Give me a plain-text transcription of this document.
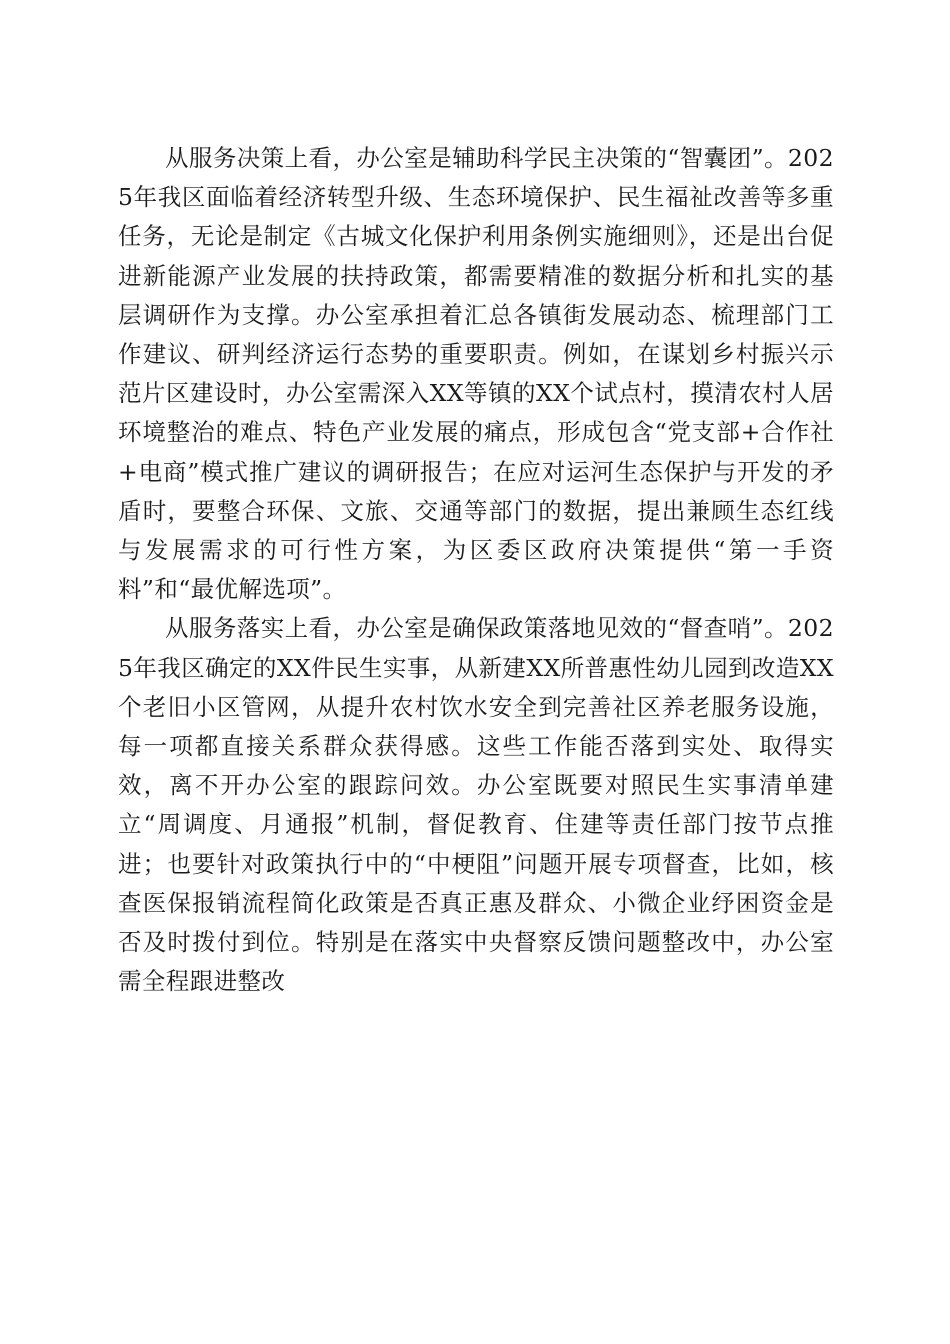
从服务决策上看，办公室是辅助科学民主决策的“智囊团”。2025年我区面临着经济转型升级、生态环境保护、民生福祉改善等多重任务，无论是制定《古城文化保护利用条例实施细则》，还是出台促进新能源产业发展的扶持政策，都需要精准的数据分析和扎实的基层调研作为支撑。办公室承担着汇总各镇街发展动态、梳理部门工作建议、研判经济运行态势的重要职责。例如，在谋划乡村振兴示范片区建设时，办公室需深入XX等镇的XX个试点村，摸清农村人居环境整治的难点、特色产业发展的痛点，形成包含“党支部+合作社+电商”模式推广建议的调研报告；在应对运河生态保护与开发的矛盾时，要整合环保、文旅、交通等部门的数据，提出兼顾生态红线与发展需求的可行性方案，为区委区政府决策提供“第一手资料”和“最优解选项”。

从服务落实上看，办公室是确保政策落地见效的“督查哨”。2025年我区确定的XX件民生实事，从新建XX所普惠性幼儿园到改造XX个老旧小区管网，从提升农村饮水安全到完善社区养老服务设施，每一项都直接关系群众获得感。这些工作能否落到实处、取得实效，离不开办公室的跟踪问效。办公室既要对照民生实事清单建立“周调度、月通报”机制，督促教育、住建等责任部门按节点推进；也要针对政策执行中的“中梗阻”问题开展专项督查，比如，核查医保报销流程简化政策是否真正惠及群众、小微企业纾困资金是否及时拨付到位。特别是在落实中央督察反馈问题整改中，办公室需全程跟进整改
